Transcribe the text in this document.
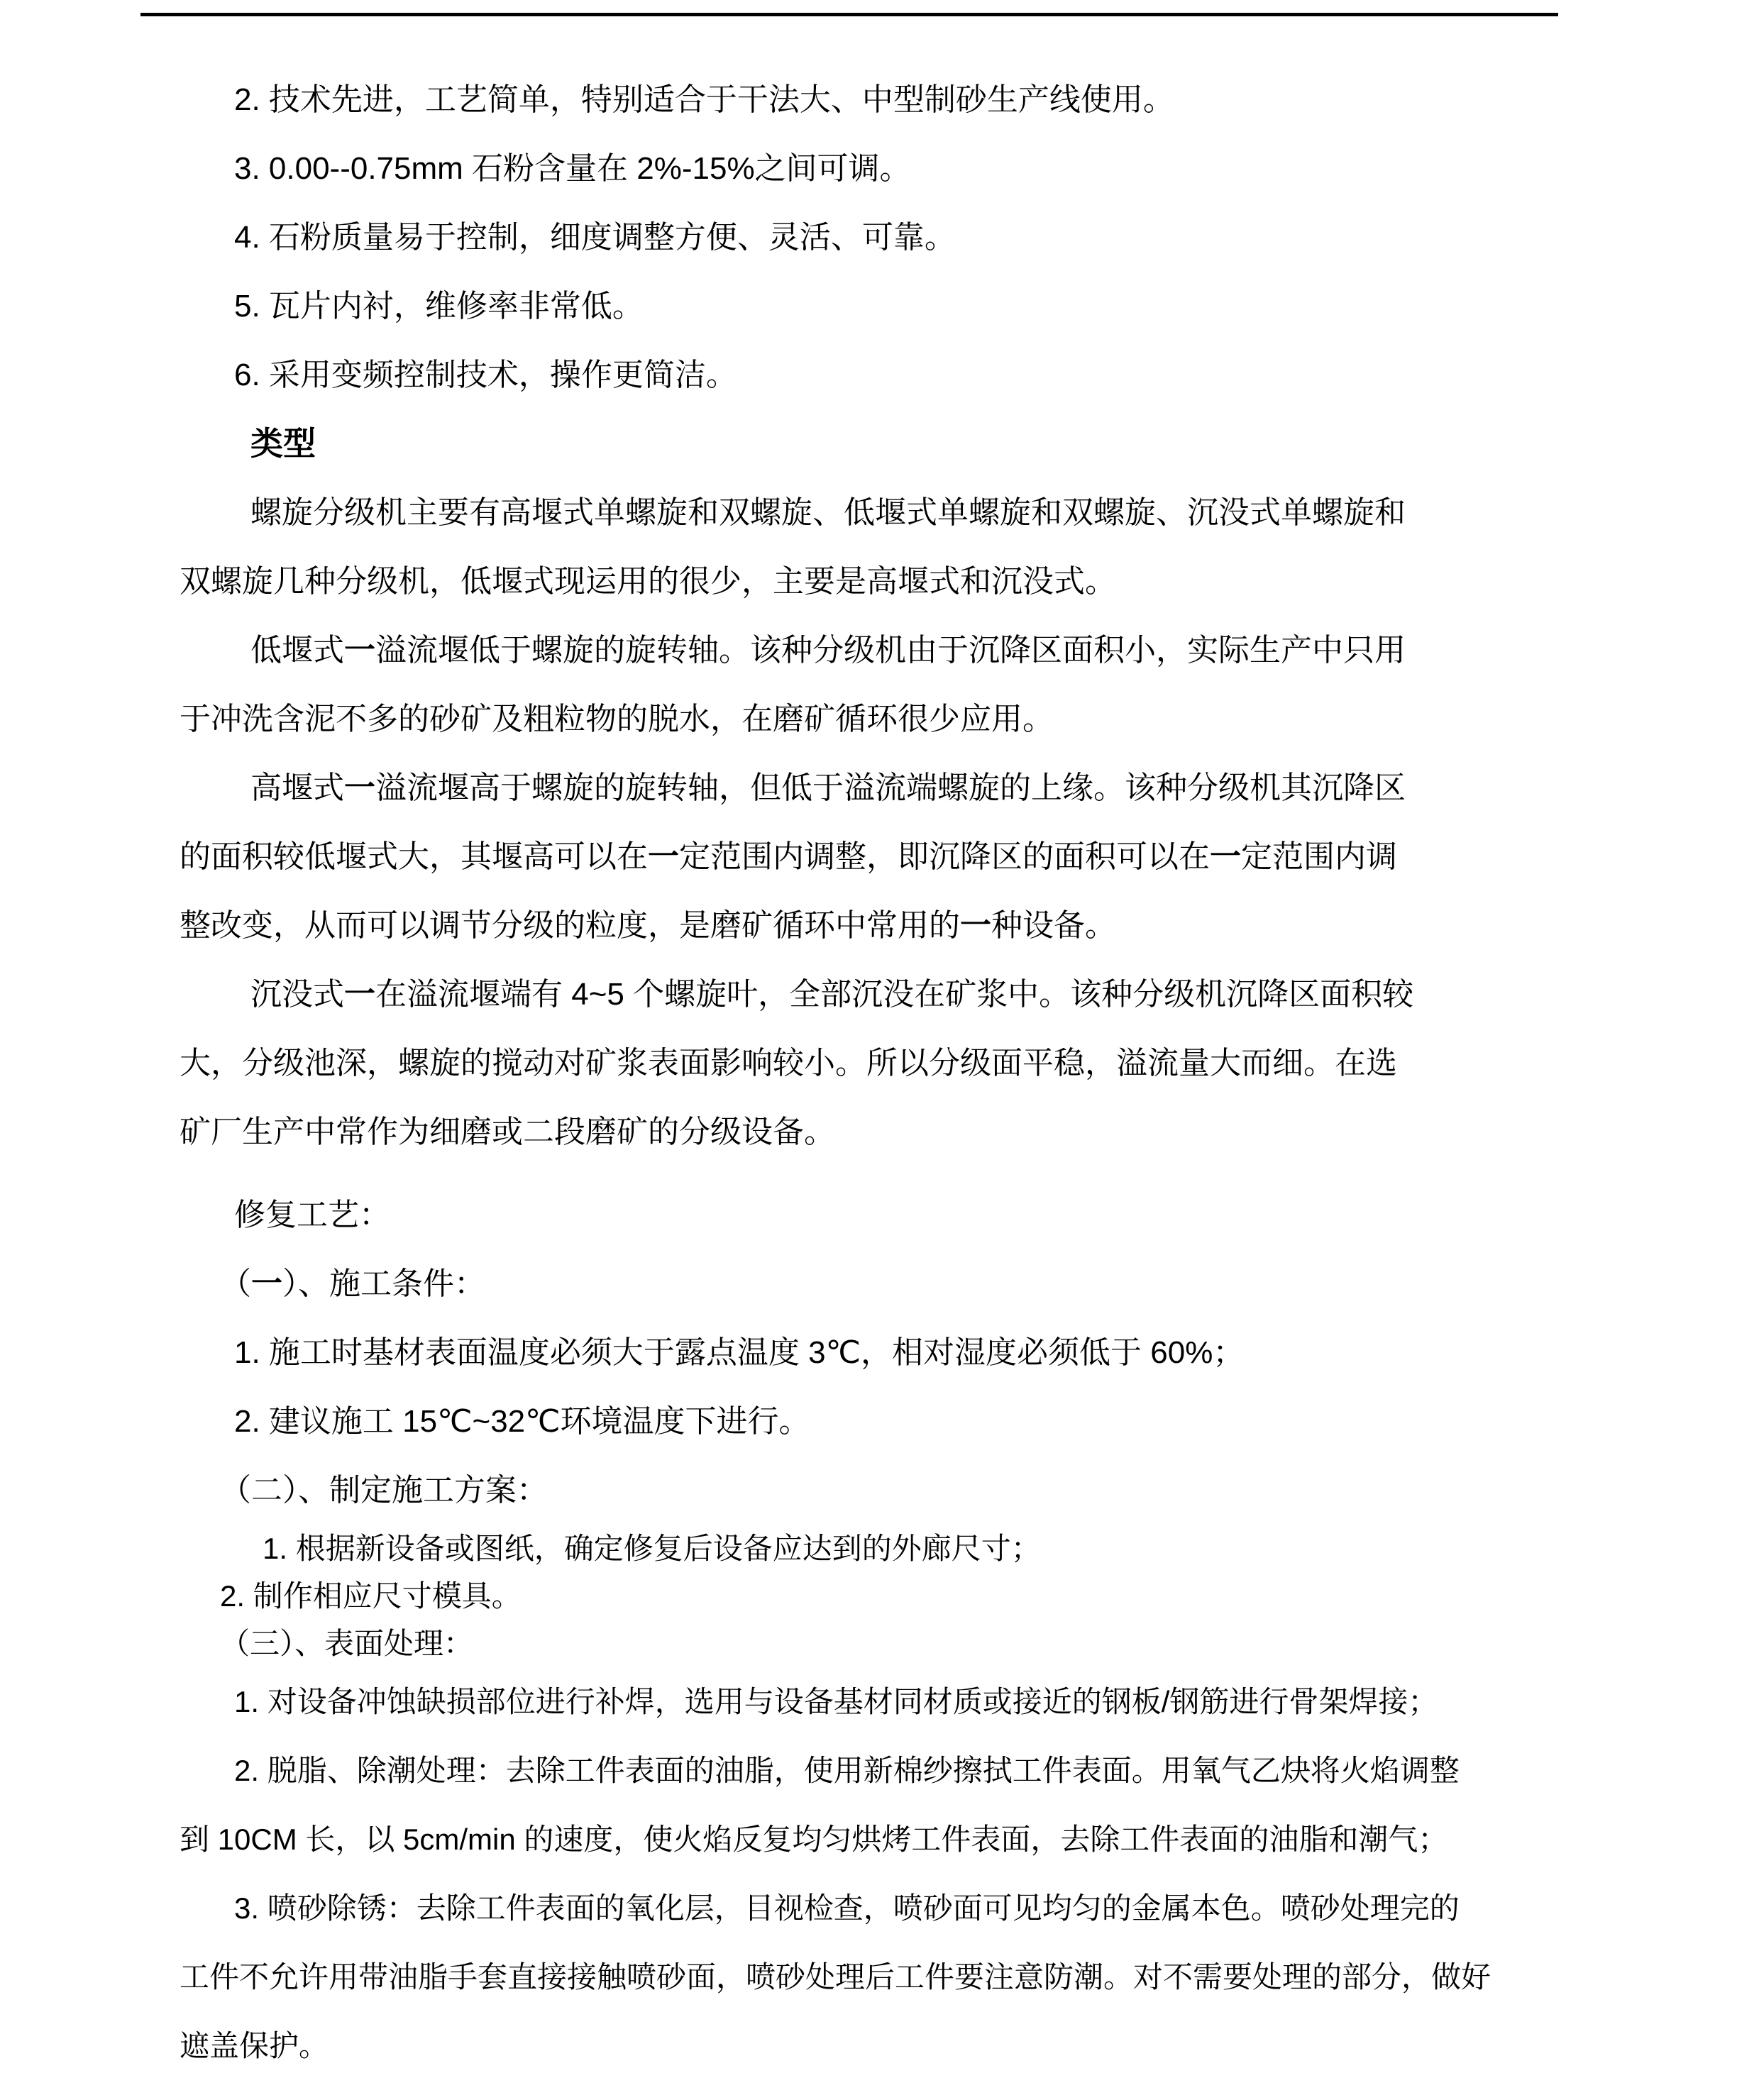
2. 技术先进，工艺简单，特别适合于干法大、中型制砂生产线使用。
3. 0.00--0.75mm 石粉含量在 2%-15%之间可调。
4. 石粉质量易于控制，细度调整方便、灵活、可靠。
5. 瓦片内衬，维修率非常低。
6. 采用变频控制技术，操作更简洁。
类型
螺旋分级机主要有高堰式单螺旋和双螺旋、低堰式单螺旋和双螺旋、沉没式单螺旋和
双螺旋几种分级机，低堰式现运用的很少，主要是高堰式和沉没式。
低堰式一溢流堰低于螺旋的旋转轴。该种分级机由于沉降区面积小，实际生产中只用
于冲洗含泥不多的砂矿及粗粒物的脱水，在磨矿循环很少应用。
高堰式一溢流堰高于螺旋的旋转轴，但低于溢流端螺旋的上缘。该种分级机其沉降区
的面积较低堰式大，其堰高可以在一定范围内调整，即沉降区的面积可以在一定范围内调
整改变，从而可以调节分级的粒度，是磨矿循环中常用的一种设备。
沉没式一在溢流堰端有 4~5 个螺旋叶，全部沉没在矿浆中。该种分级机沉降区面积较
大，分级池深，螺旋的搅动对矿浆表面影响较小。所以分级面平稳，溢流量大而细。在选
矿厂生产中常作为细磨或二段磨矿的分级设备。
修复工艺：
（一）、施工条件：
1. 施工时基材表面温度必须大于露点温度 3℃，相对湿度必须低于 60%；
2. 建议施工 15℃~32℃环境温度下进行。
（二）、制定施工方案：
1. 根据新设备或图纸，确定修复后设备应达到的外廊尺寸；
2. 制作相应尺寸模具。
（三）、表面处理：
1. 对设备冲蚀缺损部位进行补焊，选用与设备基材同材质或接近的钢板/钢筋进行骨架焊接；
2. 脱脂、除潮处理：去除工件表面的油脂，使用新棉纱擦拭工件表面。用氧气乙炔将火焰调整
到 10CM 长，以 5cm/min 的速度，使火焰反复均匀烘烤工件表面，去除工件表面的油脂和潮气；
3. 喷砂除锈：去除工件表面的氧化层，目视检查，喷砂面可见均匀的金属本色。喷砂处理完的
工件不允许用带油脂手套直接接触喷砂面，喷砂处理后工件要注意防潮。对不需要处理的部分，做好
遮盖保护。
